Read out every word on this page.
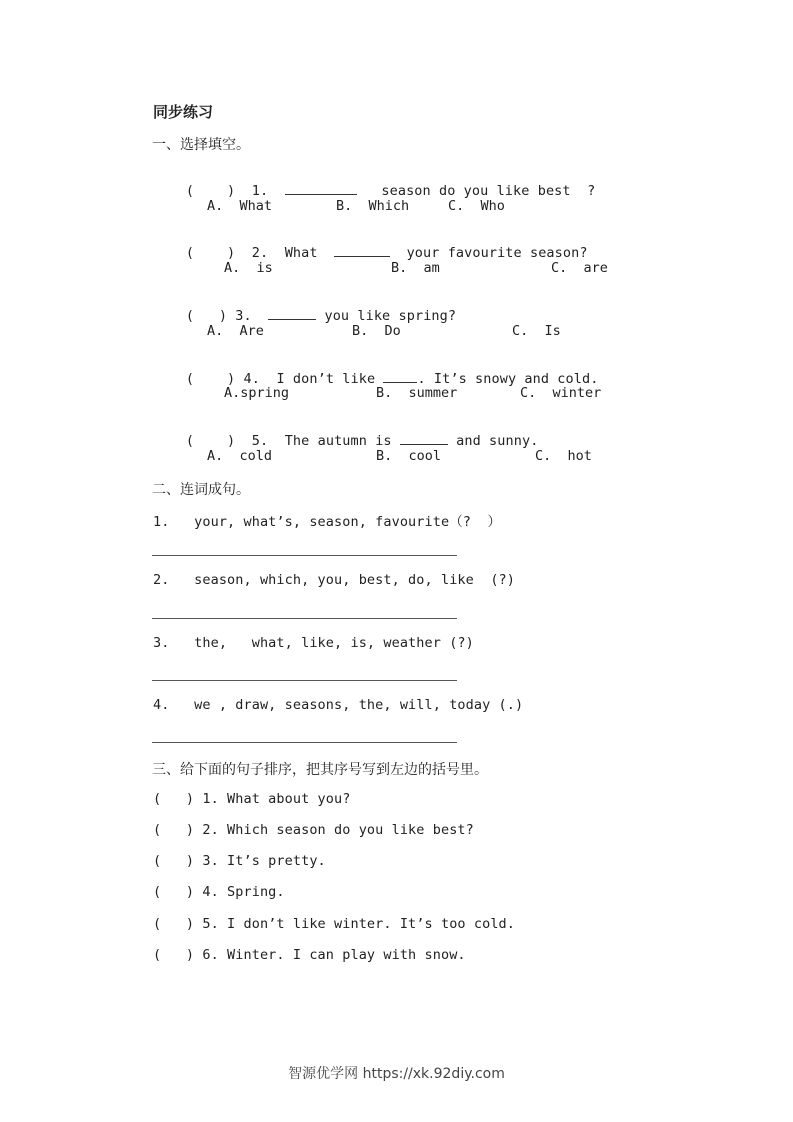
同步练习
一、选择填空。

(    ) 1.	season do you like best  ?

A.  What	B.  Which	C.  Who

(    ) 2. What	your favourite season?

A.  is	B.  am	C.  are

(   ) 3.	you like spring?

A.  Are	B.  Do	C.  Is

(    ) 4. I don’t like	. It’s snowy and cold.

A.spring	B.  summer	C.  winter

(    ) 5. The autumn is	and sunny.

A.  cold	B.  cool	C.  hot
二、连词成句。
1.   your, what’s, season, favourite（?  ）
2.   season, which, you, best, do, like  (?)
3.   the,   what, like, is, weather (?)
4.   we , draw, seasons, the, will, today (.)
三、给下面的句子排序，把其序号写到左边的括号里。
(   ) 1. What about you?
(   ) 2. Which season do you like best?
(   ) 3. It’s pretty.
(   ) 4. Spring.
(   ) 5. I don’t like winter. It’s too cold.
(   ) 6. Winter. I can play with snow.
智源优学网 https://xk.92diy.com
